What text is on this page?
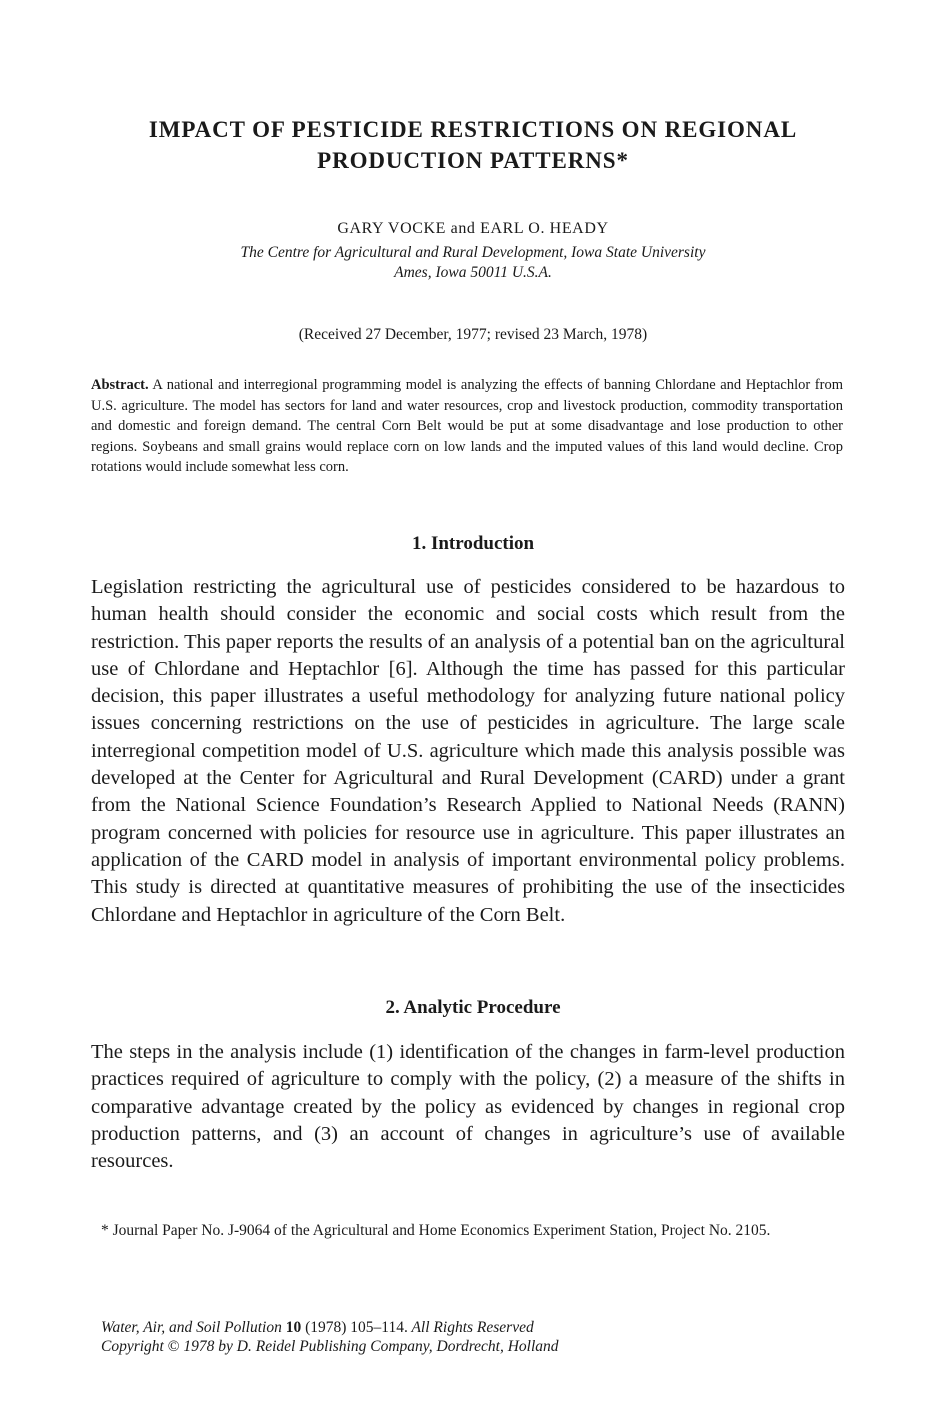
IMPACT OF PESTICIDE RESTRICTIONS ON REGIONAL PRODUCTION PATTERNS*
GARY VOCKE and EARL O. HEADY
The Centre for Agricultural and Rural Development, Iowa State University
Ames, Iowa 50011 U.S.A.
(Received 27 December, 1977; revised 23 March, 1978)
Abstract. A national and interregional programming model is analyzing the effects of banning Chlordane and Heptachlor from U.S. agriculture. The model has sectors for land and water resources, crop and livestock production, commodity transportation and domestic and foreign demand. The central Corn Belt would be put at some disadvantage and lose production to other regions. Soybeans and small grains would replace corn on low lands and the imputed values of this land would decline. Crop rotations would include somewhat less corn.
1. Introduction
Legislation restricting the agricultural use of pesticides considered to be hazardous to human health should consider the economic and social costs which result from the restriction. This paper reports the results of an analysis of a potential ban on the agricultural use of Chlordane and Heptachlor [6]. Although the time has passed for this particular decision, this paper illustrates a useful methodology for analyzing future national policy issues concerning restrictions on the use of pesticides in agriculture. The large scale interregional competition model of U.S. agriculture which made this analysis possible was developed at the Center for Agricultural and Rural Development (CARD) under a grant from the National Science Foundation’s Research Applied to National Needs (RANN) program concerned with policies for resource use in agriculture. This paper illustrates an application of the CARD model in analysis of important environmental policy problems. This study is directed at quantitative measures of prohibiting the use of the insecticides Chlordane and Heptachlor in agriculture of the Corn Belt.
2. Analytic Procedure
The steps in the analysis include (1) identification of the changes in farm-level production practices required of agriculture to comply with the policy, (2) a measure of the shifts in comparative advantage created by the policy as evidenced by changes in regional crop production patterns, and (3) an account of changes in agriculture’s use of available resources.
* Journal Paper No. J-9064 of the Agricultural and Home Economics Experiment Station, Project No. 2105.
Water, Air, and Soil Pollution 10 (1978) 105–114. All Rights Reserved
Copyright © 1978 by D. Reidel Publishing Company, Dordrecht, Holland
